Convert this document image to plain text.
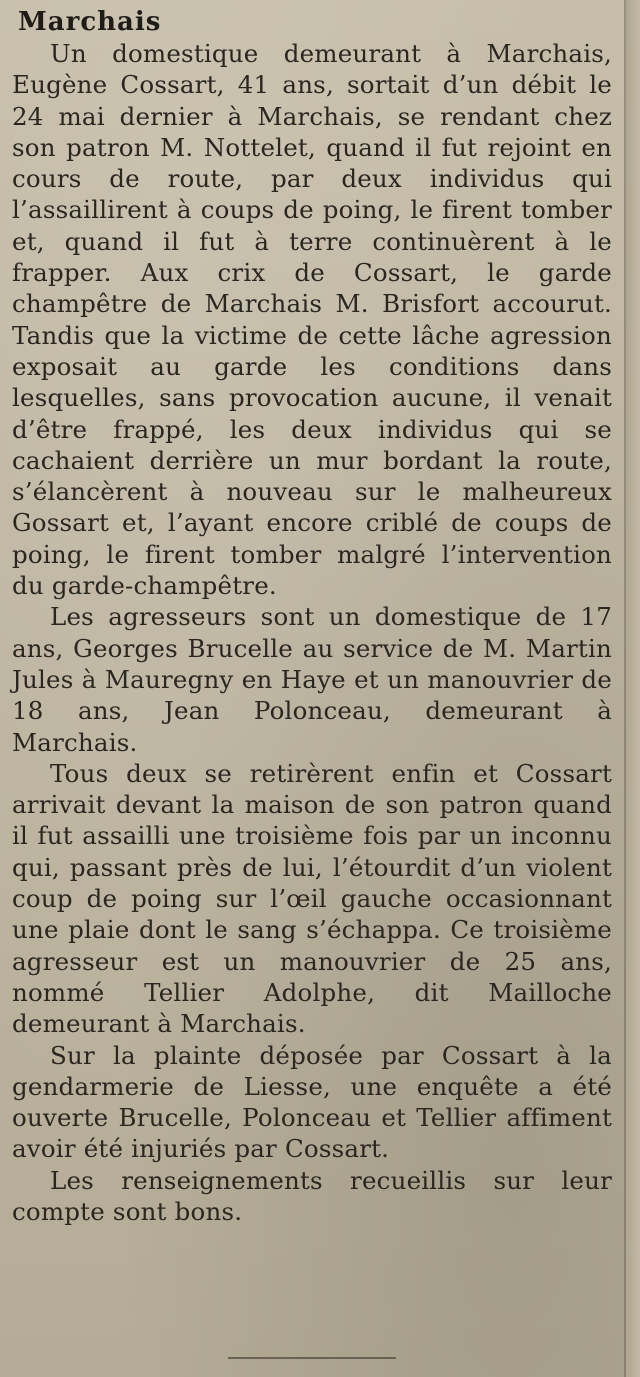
Marchais

Un domestique demeurant à Marchais, Eugène Cossart, 41 ans, sortait d’un débit le 24 mai dernier à Marchais, se rendant chez son patron M. Nottelet, quand il fut rejoint en cours de route, par deux individus qui l’assaillirent à coups de poing, le firent tomber et, quand il fut à terre continuèrent à le frapper. Aux crix de Cossart, le garde champêtre de Marchais M. Brisfort accourut. Tandis que la victime de cette lâche agression exposait au garde les conditions dans lesquelles, sans provocation aucune, il venait d’être frappé, les deux individus qui se cachaient derrière un mur bordant la route, s’élancèrent à nouveau sur le malheureux Gossart et, l’ayant encore criblé de coups de poing, le firent tomber malgré l’intervention du garde-champêtre.

Les agresseurs sont un domestique de 17 ans, Georges Brucelle au service de M. Martin Jules à Mauregny en Haye et un manouvrier de 18 ans, Jean Polonceau, demeurant à Marchais.

Tous deux se retirèrent enfin et Cossart arrivait devant la maison de son patron quand il fut assailli une troisième fois par un inconnu qui, passant près de lui, l’étourdit d’un violent coup de poing sur l’œil gauche occasionnant une plaie dont le sang s’échappa. Ce troisième agresseur est un manouvrier de 25 ans, nommé Tellier Adolphe, dit Mailloche demeurant à Marchais.

Sur la plainte déposée par Cossart à la gendarmerie de Liesse, une enquête a été ouverte Brucelle, Polonceau et Tellier affiment avoir été injuriés par Cossart.

Les renseignements recueillis sur leur compte sont bons.
